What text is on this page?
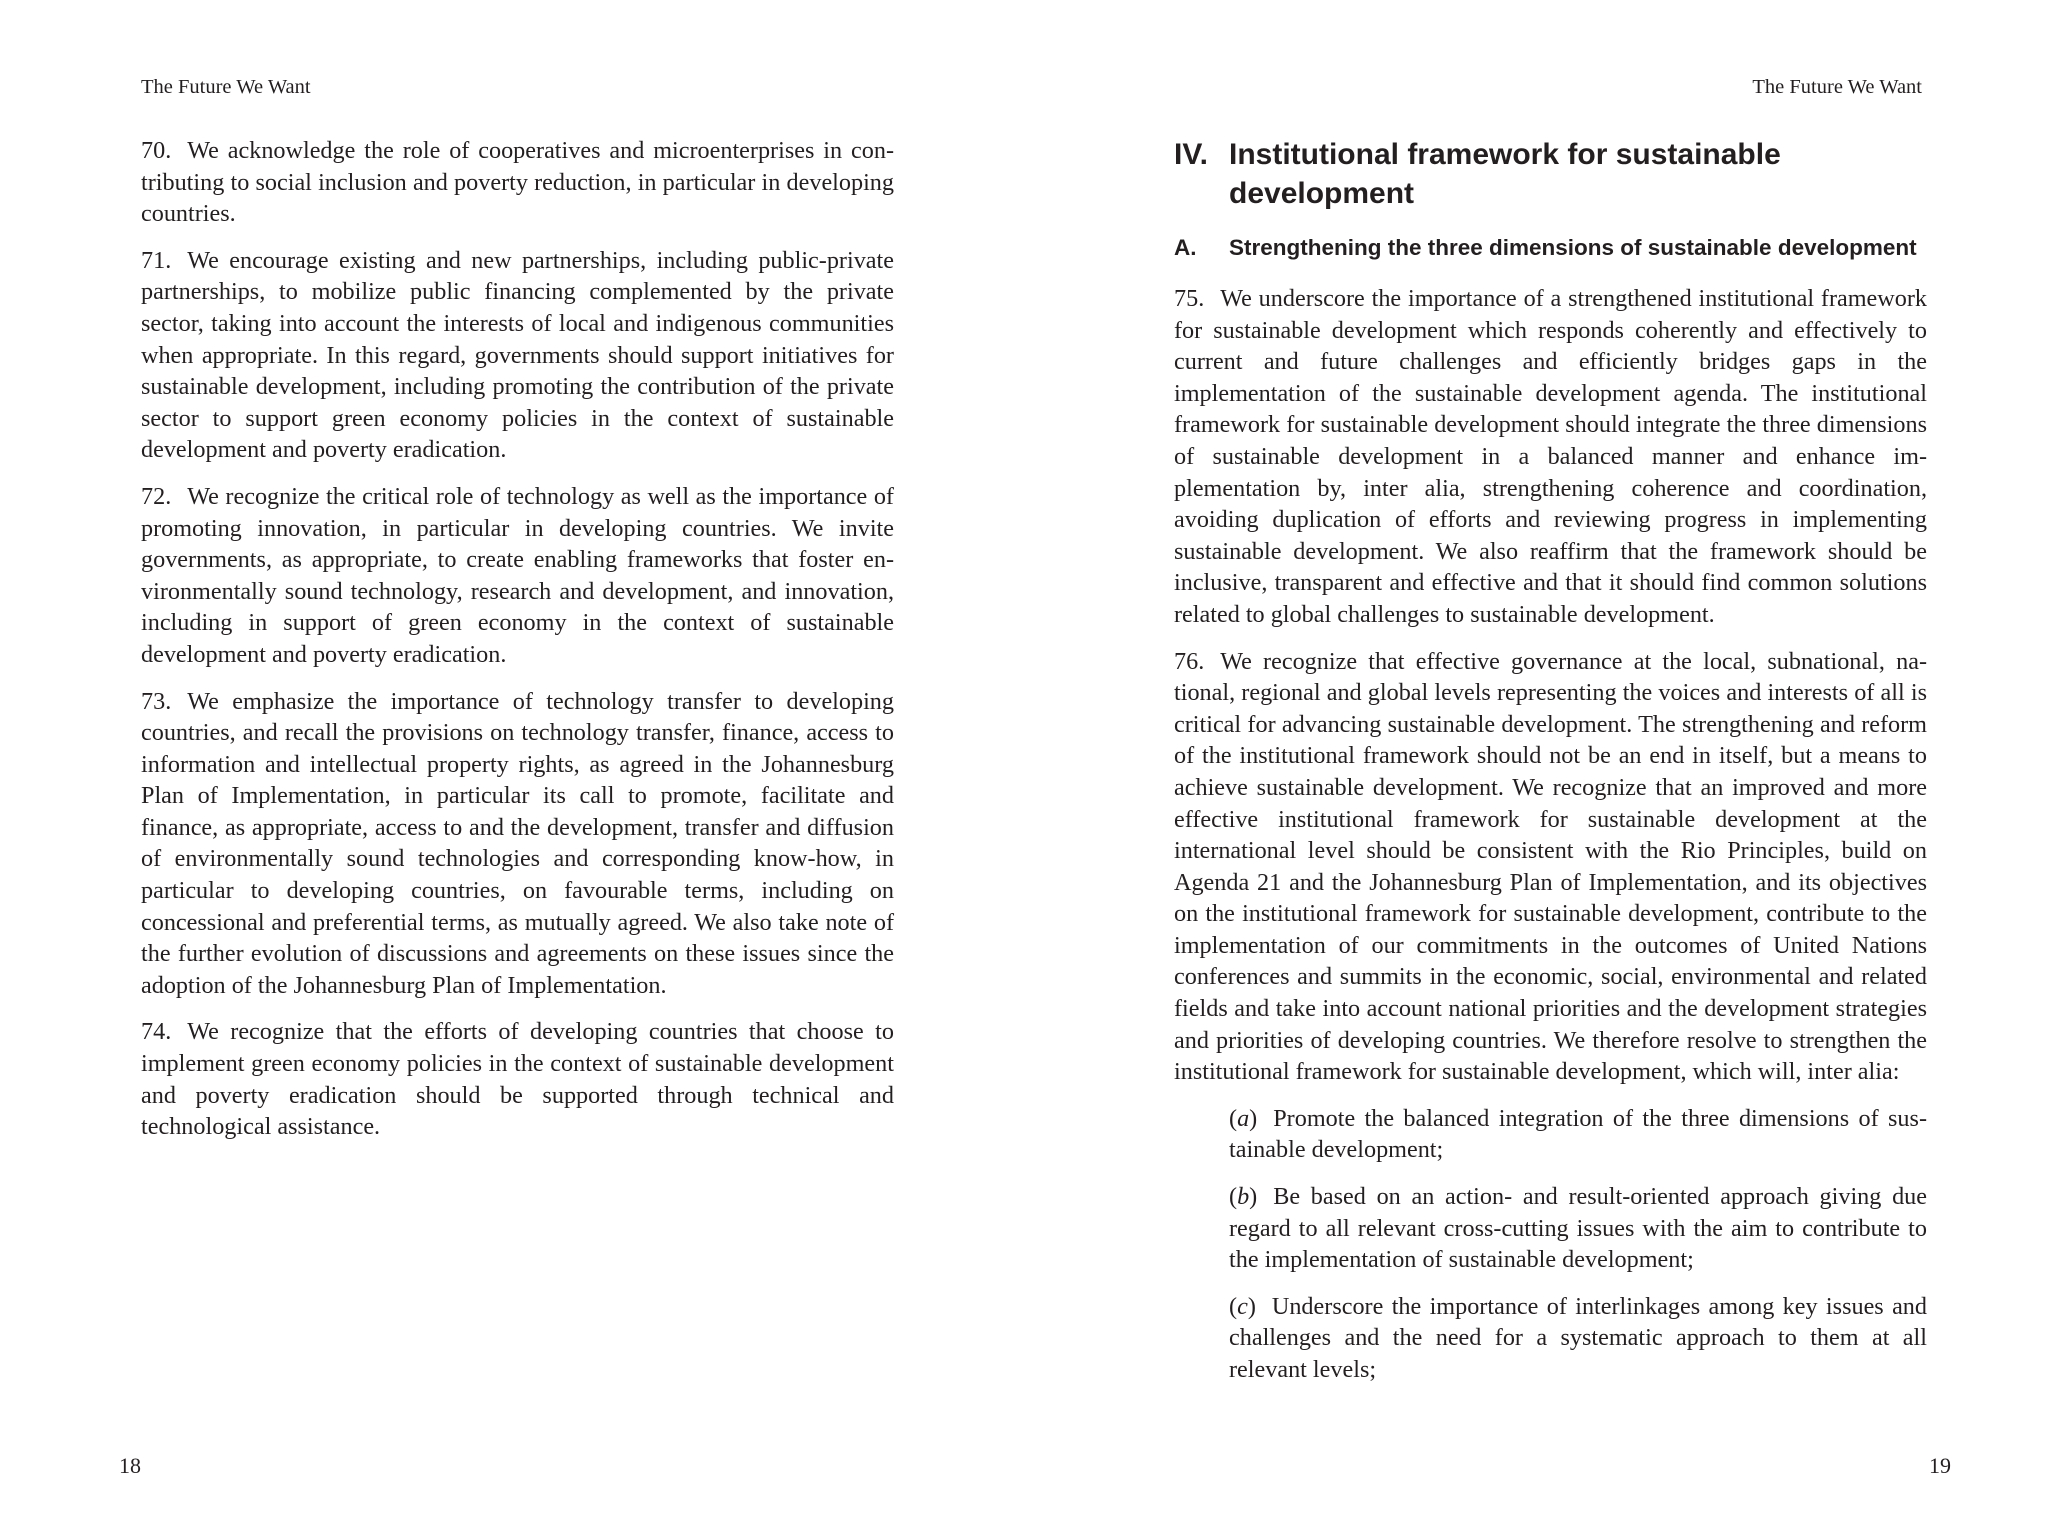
The Future We Want

70. We acknowledge the role of cooperatives and microenterprises in contributing to social inclusion and poverty reduction, in particular in developing countries.

71. We encourage existing and new partnerships, including public-private partnerships, to mobilize public financing complemented by the private sector, taking into account the interests of local and indigenous communities when appropriate. In this regard, governments should support initiatives for sustainable development, including promoting the contribution of the private sector to support green economy policies in the context of sustainable development and poverty eradication.

72. We recognize the critical role of technology as well as the importance of promoting innovation, in particular in developing countries. We invite governments, as appropriate, to create enabling frameworks that foster environmentally sound technology, research and development, and innovation, including in support of green economy in the context of sustainable development and poverty eradication.

73. We emphasize the importance of technology transfer to developing countries, and recall the provisions on technology transfer, finance, access to information and intellectual property rights, as agreed in the Johannesburg Plan of Implementation, in particular its call to promote, facilitate and finance, as appropriate, access to and the development, transfer and diffusion of environmentally sound technologies and corresponding know-how, in particular to developing countries, on favourable terms, including on concessional and preferential terms, as mutually agreed. We also take note of the further evolution of discussions and agreements on these issues since the adoption of the Johannesburg Plan of Implementation.

74. We recognize that the efforts of developing countries that choose to implement green economy policies in the context of sustainable development and poverty eradication should be supported through technical and technological assistance.

18
The Future We Want
IV. Institutional framework for sustainable development
A.	Strengthening the three dimensions of sustainable development

75. We underscore the importance of a strengthened institutional framework for sustainable development which responds coherently and effectively to current and future challenges and efficiently bridges gaps in the implementation of the sustainable development agenda. The institutional framework for sustainable development should integrate the three dimensions of sustainable development in a balanced manner and enhance implementation by, inter alia, strengthening coherence and coordination, avoiding duplication of efforts and reviewing progress in implementing sustainable development. We also reaffirm that the framework should be inclusive, transparent and effective and that it should find common solutions related to global challenges to sustainable development.

76. We recognize that effective governance at the local, subnational, national, regional and global levels representing the voices and interests of all is critical for advancing sustainable development. The strengthening and reform of the institutional framework should not be an end in itself, but a means to achieve sustainable development. We recognize that an improved and more effective institutional framework for sustainable development at the international level should be consistent with the Rio Principles, build on Agenda 21 and the Johannesburg Plan of Implementation, and its objectives on the institutional framework for sustainable development, contribute to the implementation of our commitments in the outcomes of United Nations conferences and summits in the economic, social, environmental and related fields and take into account national priorities and the development strategies and priorities of developing countries. We therefore resolve to strengthen the institutional framework for sustainable development, which will, inter alia:

(a) Promote the balanced integration of the three dimensions of sustainable development;

(b) Be based on an action- and result-oriented approach giving due regard to all relevant cross-cutting issues with the aim to contribute to the implementation of sustainable development;

(c) Underscore the importance of interlinkages among key issues and challenges and the need for a systematic approach to them at all relevant levels;

19
